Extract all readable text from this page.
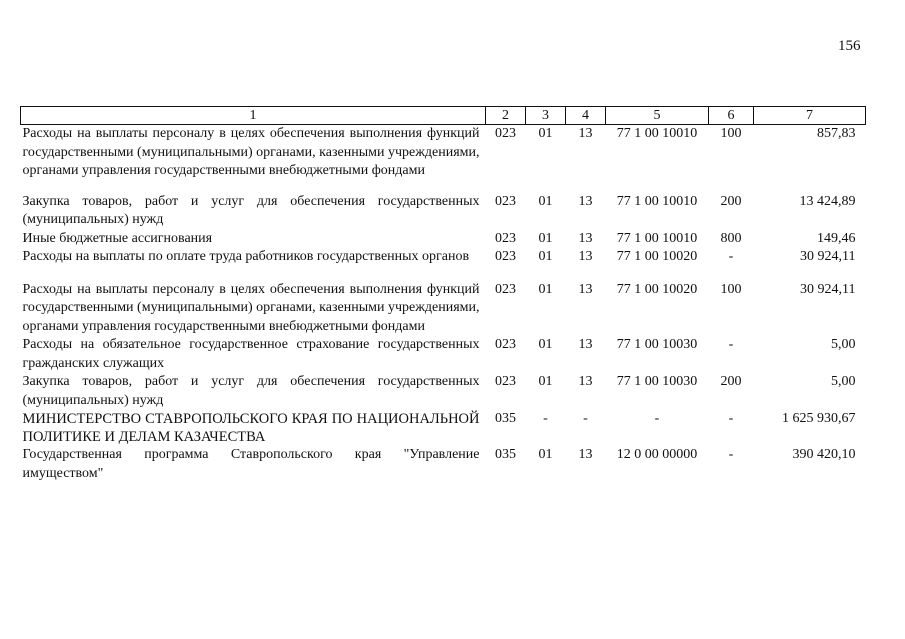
156
1	2	3	4	5	6	7
Расходы на выплаты персоналу в целях обеспечения выполнения функций государственными (муниципальными) органами, казенными учреждениями, органами управления государственными внебюджетными фондами	023	01	13	77 1 00 10010	100	857,83

Закупка товаров, работ и услуг для обеспечения государственных (муниципальных) нужд	023	01	13	77 1 00 10010	200	13 424,89
Иные бюджетные ассигнования	023	01	13	77 1 00 10010	800	149,46
Расходы на выплаты по оплате труда работников государственных органов	023	01	13	77 1 00 10020	-	30 924,11

Расходы на выплаты персоналу в целях обеспечения выполнения функций государственными (муниципальными) органами, казенными учреждениями, органами управления государственными внебюджетными фондами	023	01	13	77 1 00 10020	100	30 924,11
Расходы на обязательное государственное страхование государственных гражданских служащих	023	01	13	77 1 00 10030	-	5,00
Закупка товаров, работ и услуг для обеспечения государственных (муниципальных) нужд	023	01	13	77 1 00 10030	200	5,00
МИНИСТЕРСТВО СТАВРОПОЛЬСКОГО КРАЯ ПО НАЦИОНАЛЬНОЙ ПОЛИТИКЕ И ДЕЛАМ КАЗАЧЕСТВА	035	-	-	-	-	1 625 930,67
Государственная программа Ставропольского края "Управление имуществом"	035	01	13	12 0 00 00000	-	390 420,10
